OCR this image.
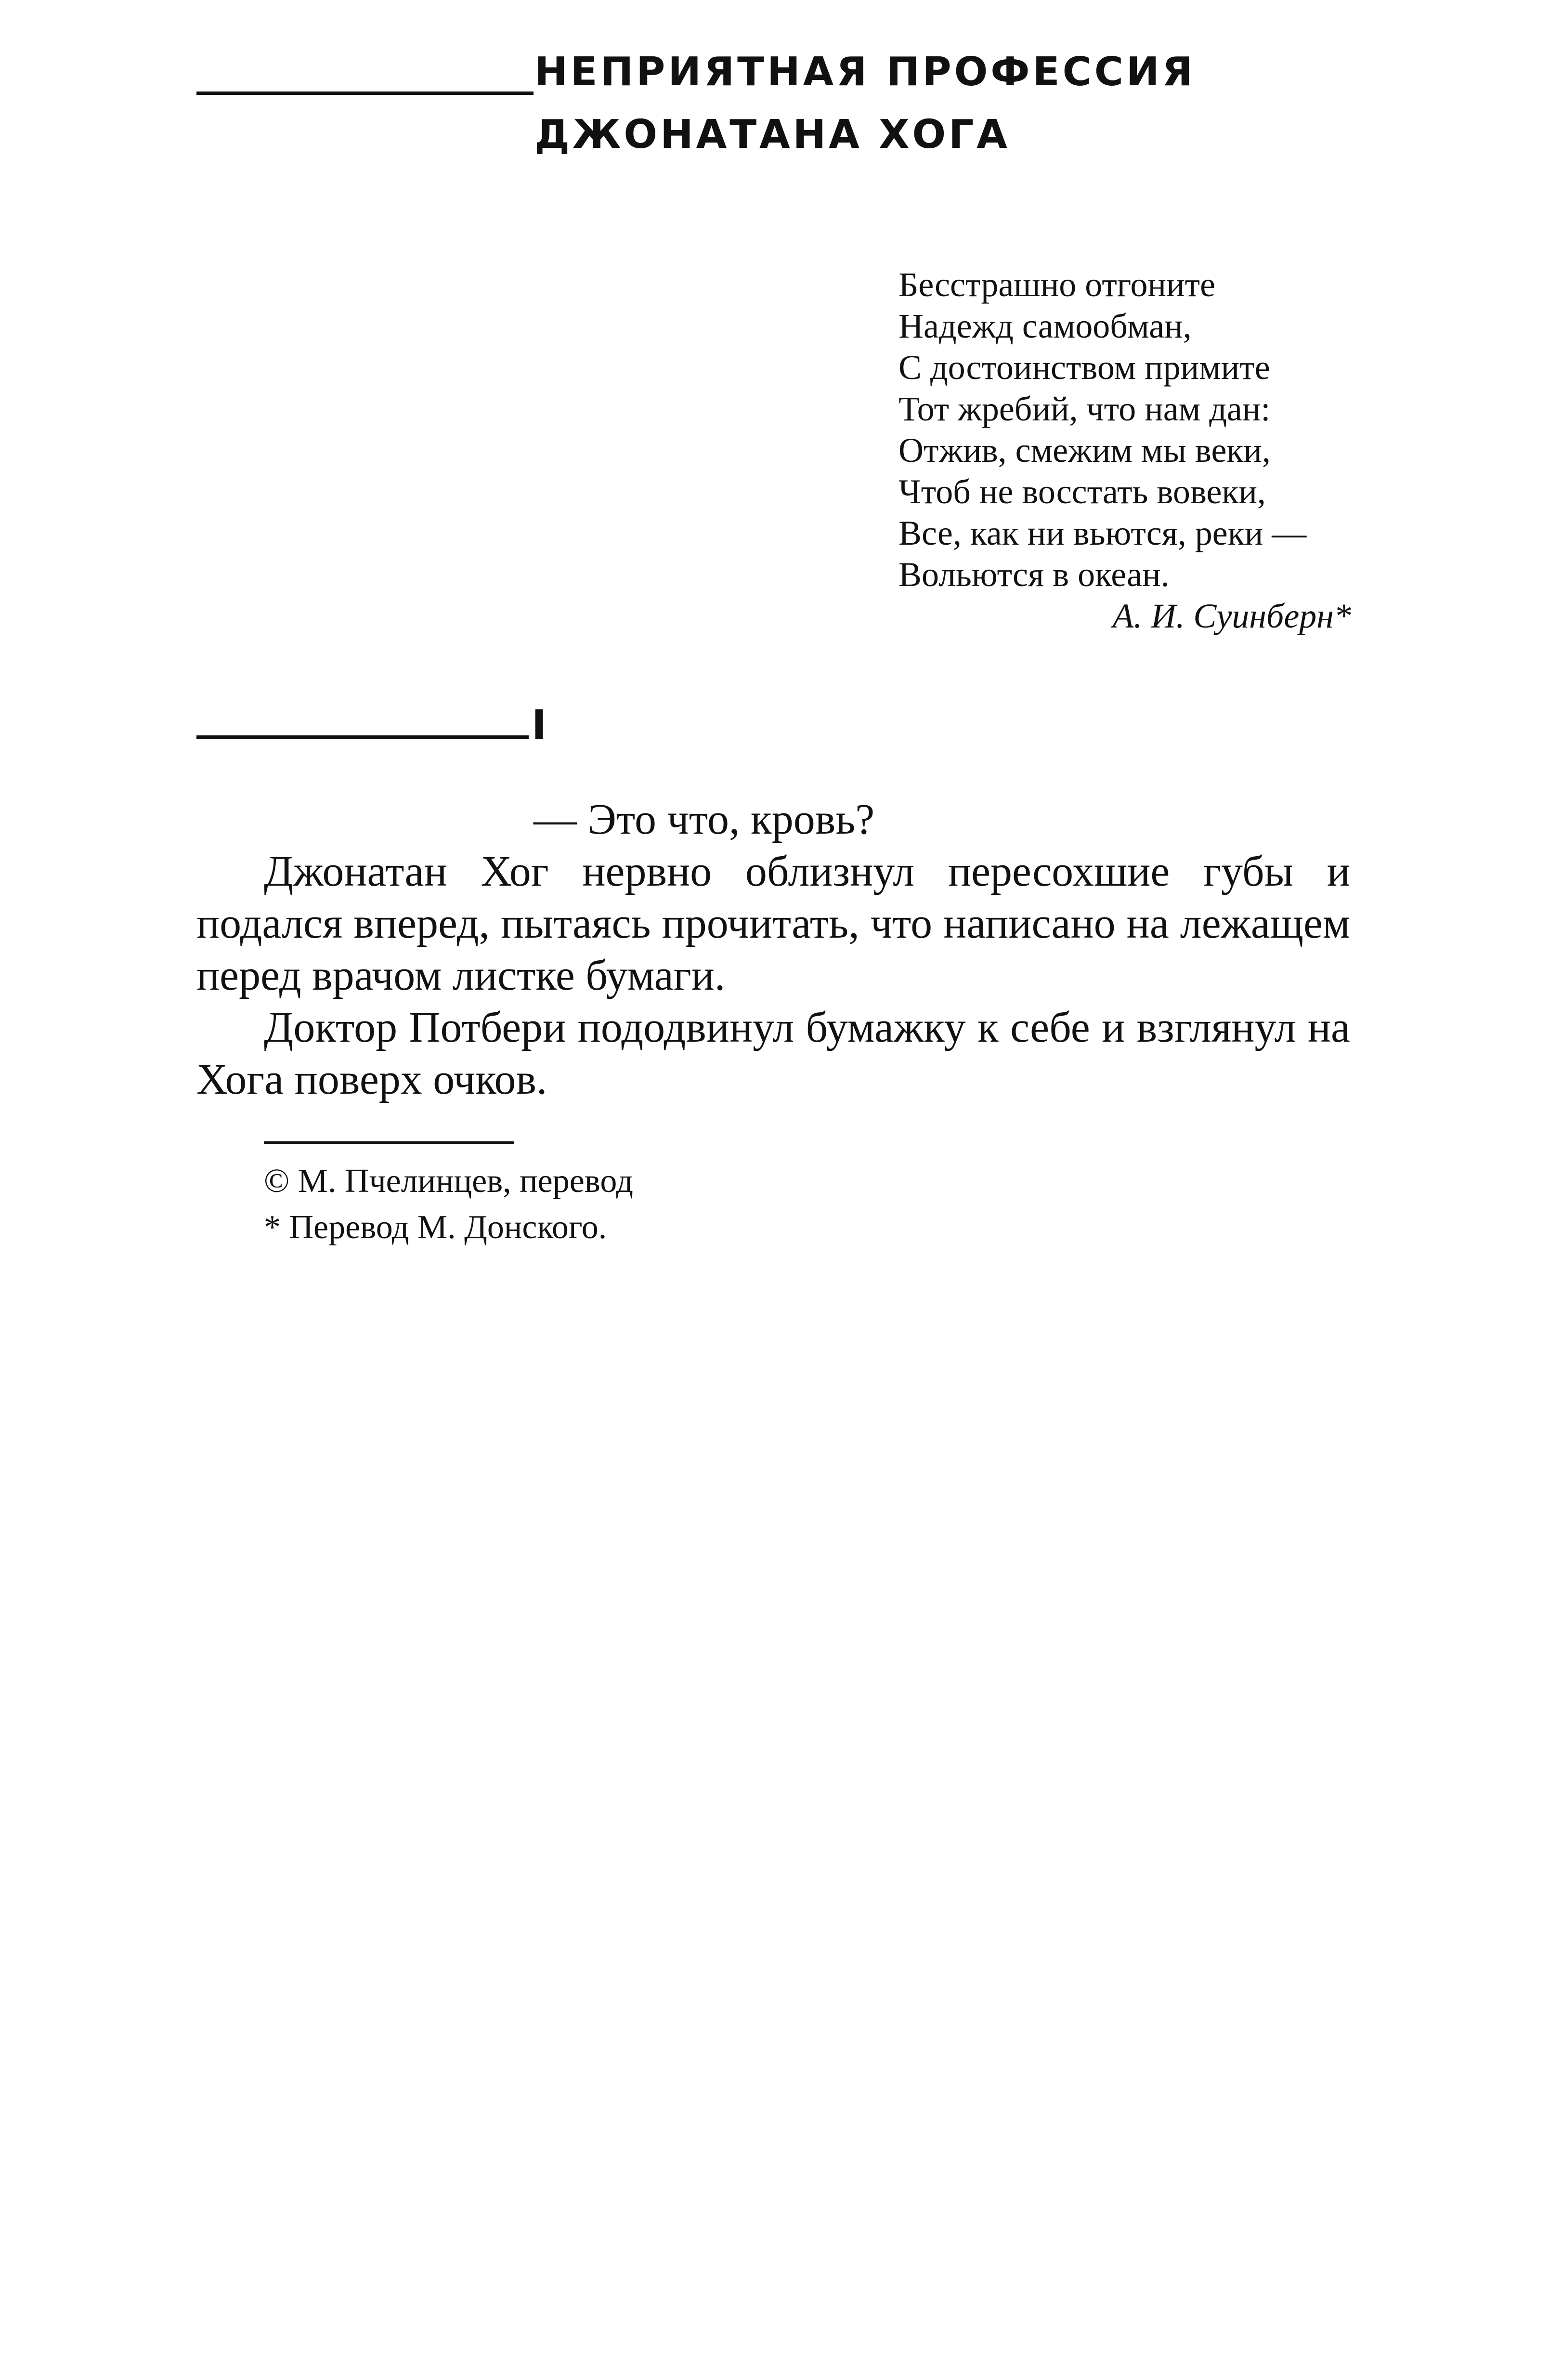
НЕПРИЯТНАЯ ПРОФЕССИЯ
ДЖОНАТАНА ХОГА

Бесстрашно отгоните

Надежд самообман,

С достоинством примите

Тот жребий, что нам дан:

Отжив, смежим мы веки,

Чтоб не восстать вовеки,

Все, как ни вьются, реки —

Вольются в океан.

А. И. Суинберн*

I

— Это что, кровь?

Джонатан Хог нервно облизнул пересохшие губы и подался вперед, пытаясь прочитать, что написано на лежащем перед врачом листке бумаги.

Доктор Потбери пододвинул бумажку к себе и взглянул на Хога поверх очков.

© М. Пчелинцев, перевод

* Перевод М. Донского.
